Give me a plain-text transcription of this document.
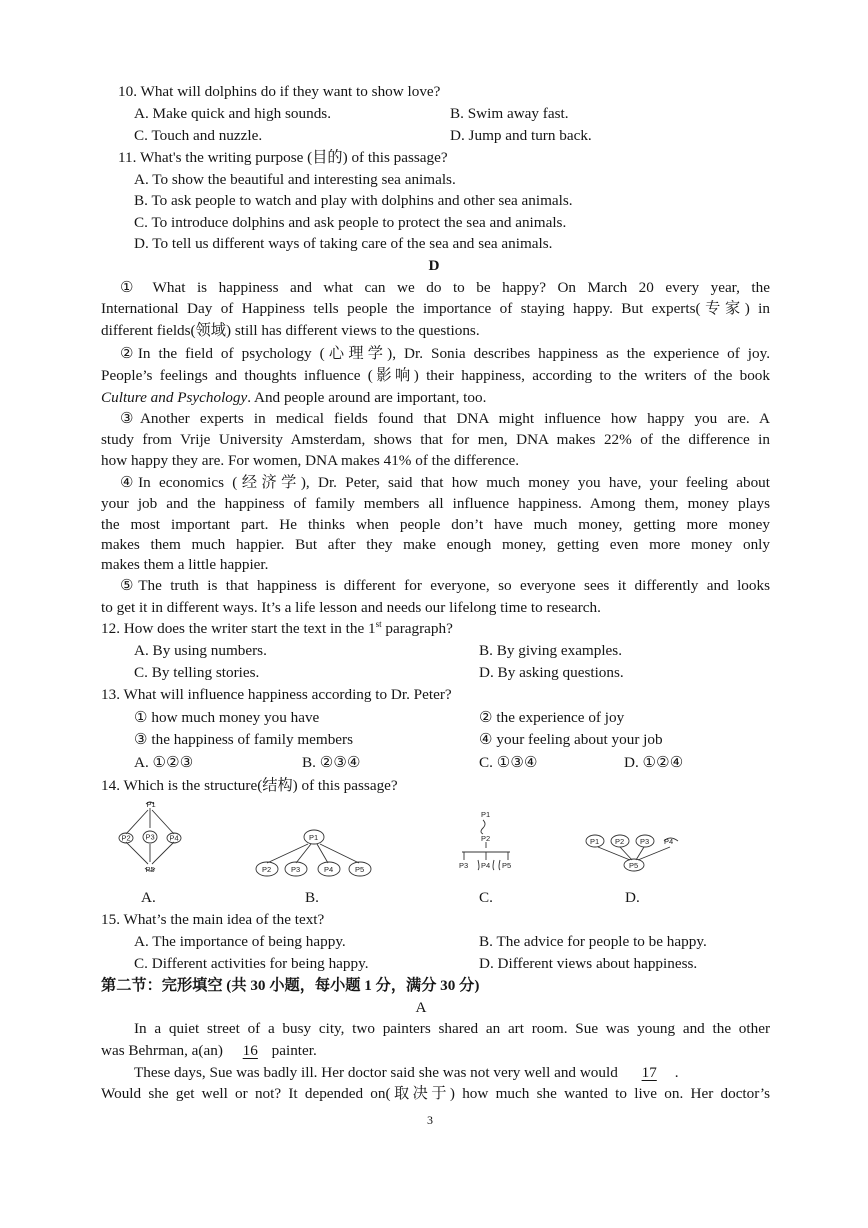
10. What will dolphins do if they want to show love?
A. Make quick and high sounds.	B. Swim away fast.
C. Touch and nuzzle.	D. Jump and turn back.
11. What's the writing purpose (目的) of this passage?
A. To show the beautiful and interesting sea animals.
B. To ask people to watch and play with dolphins and other sea animals.
C. To introduce dolphins and ask people to protect the sea and animals.
D. To tell us different ways of taking care of the sea and sea animals.
D
① What is happiness and what can we do to be happy? On March 20 every year, the
International Day of Happiness tells people the importance of staying happy. But experts(专家) in
different fields(领域) still has different views to the questions.
②In the field of psychology (心理学), Dr. Sonia describes happiness as the experience of joy.
People’s feelings and thoughts influence (影响) their happiness, according to the writers of the book
Culture and Psychology. And people around are important, too.
③Another experts in medical fields found that DNA might influence how happy you are. A
study from Vrije University Amsterdam, shows that for men, DNA makes 22% of the difference in
how happy they are. For women, DNA makes 41% of the difference.
④In economics (经济学), Dr. Peter, said that how much money you have, your feeling about
your job and the happiness of family members all influence happiness. Among them, money plays
the most important part. He thinks when people don’t have much money, getting more money
makes them much happier. But after they make enough money, getting even more money only
makes them a little happier.
⑤The truth is that happiness is different for everyone, so everyone sees it differently and looks
to get it in different ways. It’s a life lesson and needs our lifelong time to research.
12. How does the writer start the text in the 1st paragraph?
A. By using numbers.	B. By giving examples.
C. By telling stories.	D. By asking questions.
13. What will influence happiness according to Dr. Peter?
① how much money you have	② the experience of joy
③ the happiness of family members	④ your feeling about your job
A. ①②③	B. ②③④	C. ①③④	D. ①②④
14. Which is the structure(结构) of this passage?
P1
P2 P3 P4
P5
P1
P2	P3	P4	P5
P1
P2
P3 P4 P5
P1 P2 P3 P4
P5
A.	B.	C.	D.
15. What’s the main idea of the text?
A. The importance of being happy.	B. The advice for people to be happy.
C. Different activities for being happy.	D. Different views about happiness.
第二节：完形填空 (共 30 小题，每小题 1 分，满分 30 分)
A
In a quiet street of a busy city, two painters shared an art room. Sue was young and the other
was Behrman, a(an) 16 painter.
These days, Sue was badly ill. Her doctor said she was not very well and would 17 .
Would she get well or not? It depended on(取决于) how much she wanted to live on. Her doctor’s
3
